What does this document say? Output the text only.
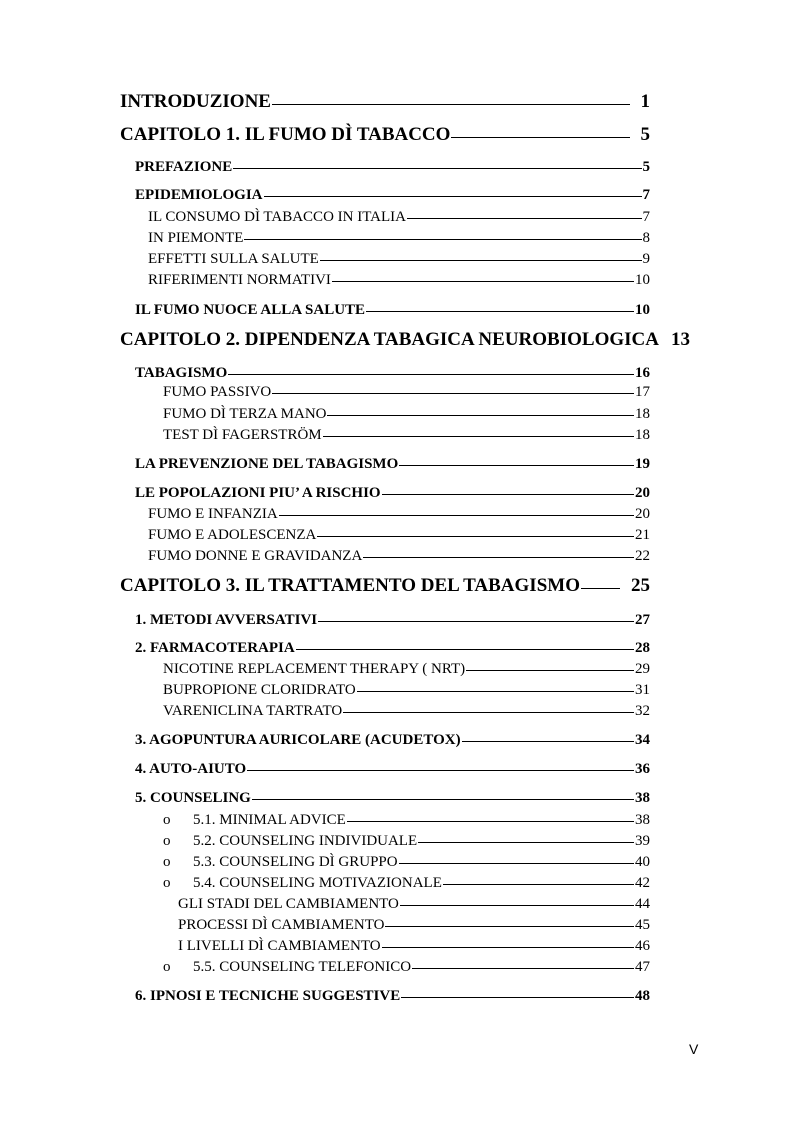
INTRODUZIONE	1
CAPITOLO 1. IL FUMO DÌ TABACCO	5
PREFAZIONE	5
EPIDEMIOLOGIA	7
IL CONSUMO DÌ TABACCO IN ITALIA	7
IN PIEMONTE	8
EFFETTI SULLA SALUTE	9
RIFERIMENTI NORMATIVI	10
IL FUMO NUOCE ALLA SALUTE	10
CAPITOLO 2. DIPENDENZA TABAGICA NEUROBIOLOGICA 13
TABAGISMO	16
FUMO PASSIVO	17
FUMO DÌ TERZA MANO	18
TEST DÌ FAGERSTRÖM	18
LA PREVENZIONE DEL TABAGISMO	19
LE POPOLAZIONI PIU’ A RISCHIO	20
FUMO E INFANZIA	20
FUMO E ADOLESCENZA	21
FUMO DONNE E GRAVIDANZA	22
CAPITOLO 3. IL TRATTAMENTO DEL TABAGISMO	25
1. METODI AVVERSATIVI	27
2. FARMACOTERAPIA	28
NICOTINE REPLACEMENT THERAPY ( NRT)	29
BUPROPIONE CLORIDRATO	31
VARENICLINA TARTRATO	32
3. AGOPUNTURA AURICOLARE (ACUDETOX)	34
4. AUTO-AIUTO	36
5. COUNSELING	38
o	5.1. MINIMAL ADVICE	38
o	5.2. COUNSELING INDIVIDUALE	39
o	5.3. COUNSELING DÌ GRUPPO	40
o	5.4. COUNSELING MOTIVAZIONALE	42
GLI STADI DEL CAMBIAMENTO	44
PROCESSI DÌ CAMBIAMENTO	45
I LIVELLI DÌ CAMBIAMENTO	46
o	5.5. COUNSELING TELEFONICO	47
6. IPNOSI E TECNICHE SUGGESTIVE	48
V
